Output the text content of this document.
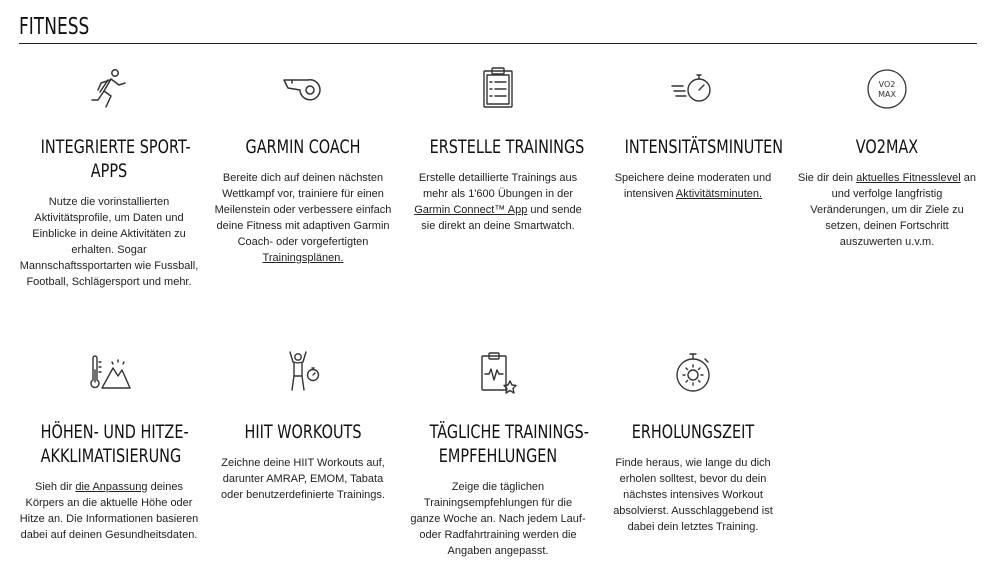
FITNESS
INTEGRIERTE SPORT-
APPS
Nutze die vorinstallierten Aktivitätsprofile, um Daten und Einblicke in deine Aktivitäten zu erhalten. Sogar Mannschaftssportarten wie Fussball, Football, Schlägersport und mehr.
GARMIN COACH
Bereite dich auf deinen nächsten Wettkampf vor, trainiere für einen Meilenstein oder verbessere einfach deine Fitness mit adaptiven Garmin Coach- oder vorgefertigten Trainingsplänen.
ERSTELLE TRAININGS
Erstelle detaillierte Trainings aus mehr als 1'600 Übungen in der Garmin Connect™ App und sende sie direkt an deine Smartwatch.
INTENSITÄTSMINUTEN
Speichere deine moderaten und intensiven Aktivitätsminuten.
VO2
MAX
VO2MAX
Sie dir dein aktuelles Fitnesslevel an und verfolge langfristig Veränderungen, um dir Ziele zu setzen, deinen Fortschritt auszuwerten u.v.m.
HÖHEN- UND HITZE-
AKKLIMATISIERUNG
Sieh dir die Anpassung deines Körpers an die aktuelle Höhe oder Hitze an. Die Informationen basieren dabei auf deinen Gesundheitsdaten.
HIIT WORKOUTS
Zeichne deine HIIT Workouts auf, darunter AMRAP, EMOM, Tabata oder benutzerdefinierte Trainings.
TÄGLICHE TRAININGS-
EMPFEHLUNGEN
Zeige die täglichen Trainingsempfehlungen für die ganze Woche an. Nach jedem Lauf- oder Radfahrtraining werden die Angaben angepasst.
ERHOLUNGSZEIT
Finde heraus, wie lange du dich erholen solltest, bevor du dein nächstes intensives Workout absolvierst. Ausschlaggebend ist dabei dein letztes Training.
